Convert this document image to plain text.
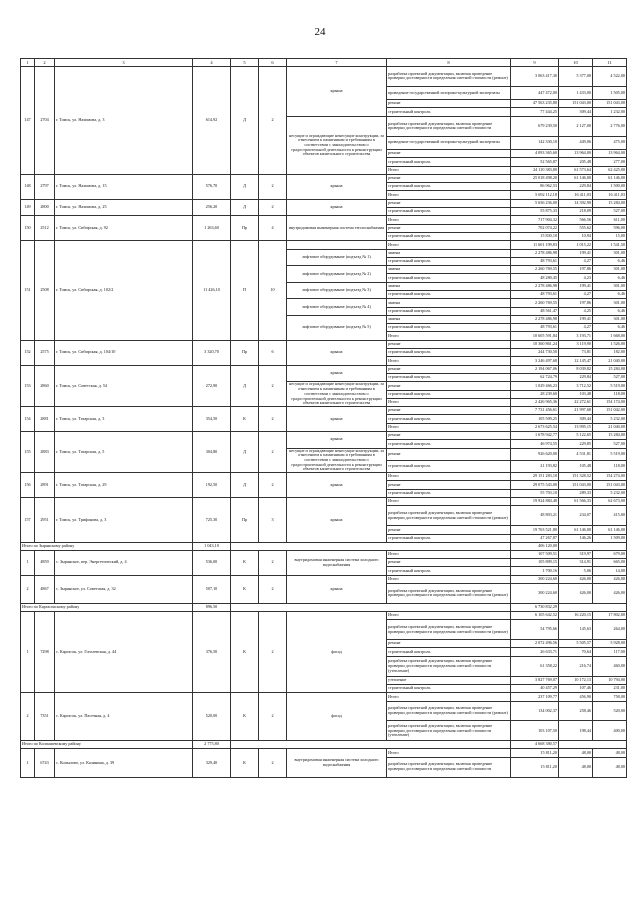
24
1	2	3	4	5	6	7	8	9	10	11
147	2704	г. Томск, ул. Нахимова, д. 3	614,92	Д	2	крыша	разработка проектной документации, включая проведение проверки достоверности определения сметной стоимости (ремонт)	3 063 417,30	5 377,00	4 522,00
							проведение государственной историко-культурной экспертизы	447 472,00	1 433,00	1 505,00
							ремонт	47 563 235,80	151 043,00	151 043,00
							строительный контроль	77 444,25	309,44	1 232,00
						несущие и ограждающие ненесущие конструкции, за отнесением к памятникам и требованиям в соответствии с законодательством о градостроительной деятельности к реконструкции объектов капитального строительства	разработка проектной документации, включая проведение проверки достоверности определения сметной стоимости	679 239,50	2 127,00	2 776,00
							проведение государственной историко-культурной экспертизы	142 330,10	449,06	475,00
							ремонт	4 093 365,60	13 964,00	13 964,00
							строительный контроль	52 565,87	205,48	277,00
							Итого	24 110 383,80	61 573,64	62 425,00
148	2797	г. Томск, ул. Нахимова, д. 15	576,70	Д	2	крыша	ремонт	25 018 498,20	61 146,00	61 146,00
							строительный контроль	86 962,53	229,84	1 500,00
							Итого	5 692 112,18	16 411,03	16 411,03
149	2800	г. Томск, ул. Нахимова, д. 25	256,20	Д	2	крыша	ремонт	5 656 236,00	14 392,90	15 284,00
							строительный контроль	55 875,33	218,09	527,00
150	2512	г. Томск, ул. Сибирская, д. 92	1 263,60	Пр	4	внутридомовая инженерная система теплоснабжения	Итого	717 904,32	566,56	611,00
							ремонт	702 074,22	555,62	596,00
							строительный контроль	15 830,10	10,94	15,00
151	2508	г. Томск, ул. Сибирская, д. 102/2	11 426,10	П	10		Итого	11 601 199,83	1 015,22	1 541,50
						лифтовое оборудование (подъезд № 1)	замена	2 278 486,98	199,41	301,00
							строительный контроль	48 793,61	4,27	6,46
						лифтовое оборудование (подъезд № 2)	замена	2 260 769,55	197,86	301,00
							строительный контроль	48 280,45	4,23	6,46
						лифтовое оборудование (подъезд № 3)	замена	2 278 486,98	199,41	301,00
							строительный контроль	48 793,61	4,27	6,46
						лифтовое оборудование (подъезд № 4)	замена	2 260 769,55	197,86	301,00
							строительный контроль	48 561,47	4,25	6,46
						лифтовое оборудование (подъезд № 5)	замена	2 278 486,98	199,41	301,00
							строительный контроль	48 793,61	4,27	6,46
							Итого	10 605 591,84	3 193,71	1 668,00
152	2575	г. Томск, ул. Сибирская, д. 104/10	3 320,70	Пр	6	крыша	ремонт	10 360 861,24	3 119,90	1 526,00
							строительный контроль	244 730,50	73,81	182,00
							Итого	3 246 497,68	12 145,47	21 040,00
153	2860	г. Томск, ул. Советская, д. 54	272,90	Д	2	крыша	ремонт	2 194 067,06	8 039,82	15 284,00
							строительный контроль	62 724,79	229,84	527,00
						несущие и ограждающие ненесущие конструкции, за отнесением к памятникам и требованиям в соответствии с законодательством о градостроительной деятельности к реконструкции объектов капитального строительства	ремонт	1 029 466,23	3 712,52	5 519,00
							строительный контроль	28 239,60	103,48	118,00
							Итого	2 426 965,36	22 272,61	154 174,00
154	2881	г. Томск, ул. Татарская, д. 3	354,50	К	2	крыша	ремонт	7 731 456,61	21 997,68	151 042,00
							строительный контроль	105 509,25	309,44	5 232,00
							Итого	2 673 625,54	13 995,15	21 040,00
155	2883	г. Томск, ул. Татарская, д. 5	304,80	Д	2	крыша	ремонт	1 678 942,77	5 122,65	15 284,00
							строительный контроль	46 974,55	229,85	527,00
						несущие и ограждающие ненесущие конструкции, за отнесением к памятникам и требованиям в соответствии с законодательством о градостроительной деятельности к реконструкции объектов капитального строительства	ремонт	926 620,00	4 531,81	5 519,00
							строительный контроль	21 193,82	105,48	118,00
156	2891	г. Томск, ул. Татарская, д. 29	192,50	Д	2	крыша	Итого	29 151 283,10	151 328,52	154 274,00
							ремонт	29 075 543,00	151 043,00	151 043,00
							строительный контроль	55 703,10	289,33	5 232,00
157	2951	г. Томск, ул. Трифонова, д. 3	725,30	Пр	3	крыша	Итого	19 924 884,48	61 566,33	62 673,00
							разработка проектной документации, включая проведение проверки достоверности определения сметной стоимости (ремонт)	48 803,21	234,07	415,00
							ремонт	19 763 521,80	61 146,00	61 146,00
							строительный контроль	47 267,87	146,26	1 509,00
Итого по Зырянскому району			1 043,10					406 120,00		
1	4859	с. Зырянское, пер. Энергетический, д. 4	536,00	К	2	внутридомовая инженерная система холодного водоснабжения	Итого	107 509,51	319,97	679,00
							ремонт	105 809,15	314,91	665,00
							строительный контроль	1 700,16	5,06	14,00
2	4867	с. Зырянское, ул. Советская, д. 32	507,10	К	2	крыша	Итого	300 224,60	426,00	426,00
							разработка проектной документации, включая проведение проверки достоверности определения сметной стоимости (ремонт)	300 224,60	426,00	426,00
Итого по Каргасокскому району			896,50					6 730 832,29		
1	7298	с. Каргасок, ул. Гоголевская, д. 44	376,50	К	2	фасад	Итого	6 105 642,52	16 220,15	17 802,00
							разработка проектной документации, включая проведение проверки достоверности определения сметной стоимости (ремонт)	54 795,66	145,63	264,00
							ремонт	2 072 496,56	5 505,57	5 928,00
							строительный контроль	26 633,71	70,64	117,00
							разработка проектной документации, включая проведение проверки достоверности определения сметной стоимости (утепление)	61 358,22	216,74	460,00
							утепление	3 827 769,07	10 172,13	10 794,00
							строительный контроль	40 457,29	107,46	231,00
2	7351	с. Каргасок, ул. Пасечная, д. 4	520,00	К	2	фасад	Итого	237 109,77	456,90	758,00
							разработка проектной документации, включая проведение проверки достоверности определения сметной стоимости (ремонт)	134 002,37	258,46	520,00
							разработка проектной документации, включая проведение проверки достоверности определения сметной стоимости (утепление)	103 107,50	198,44	400,00
Итого по Колпашевскому району			2 775,80					4 668 380,57		
1	6743	с. Копылово, ул. Калинина, д. 39	329,40	К	2	внутридомовая инженерная система холодного водоснабжения	Итого	15 811,20	48,00	48,00
							разработка проектной документации, включая проведение проверки достоверности определения сметной стоимости	15 811,20	48,00	48,00
